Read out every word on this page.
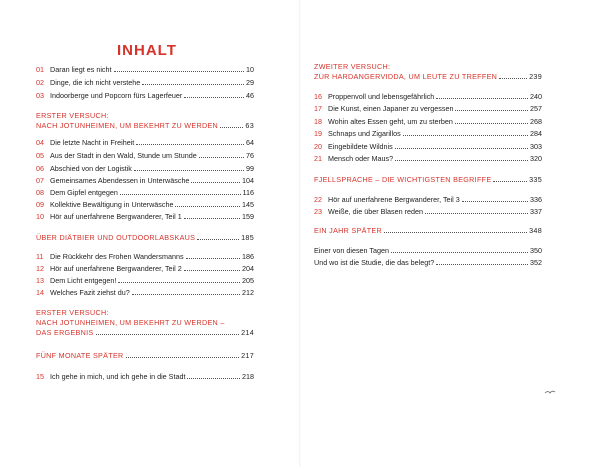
INHALT
01 Daran liegt es nicht	10
02 Dinge, die ich nicht verstehe	29
03 Indoorberge und Popcorn fürs Lagerfeuer	46
ERSTER VERSUCH:
NACH JOTUNHEIMEN, UM BEKEHRT ZU WERDEN	63
04 Die letzte Nacht in Freiheit	64
05 Aus der Stadt in den Wald, Stunde um Stunde	76
06 Abschied von der Logistik	99
07 Gemeinsames Abendessen in Unterwäsche	104
08 Dem Gipfel entgegen	116
09 Kollektive Bewältigung in Unterwäsche	145
10 Hör auf unerfahrene Bergwanderer, Teil 1	159
ÜBER DIÄTBIER UND OUTDOORLABSKAUS	185
11 Die Rückkehr des Frohen Wandersmanns	186
12 Hör auf unerfahrene Bergwanderer, Teil 2	204
13 Dem Licht entgegen!	205
14 Welches Fazit ziehst du?	212
ERSTER VERSUCH:
NACH JOTUNHEIMEN, UM BEKEHRT ZU WERDEN –
DAS ERGEBNIS	214
FÜNF MONATE SPÄTER	217
15 Ich gehe in mich, und ich gehe in die Stadt	218
ZWEITER VERSUCH:
ZUR HARDANGERVIDDA, UM LEUTE ZU TREFFEN	239
16 Proppenvoll und lebensgefährlich	240
17 Die Kunst, einen Japaner zu vergessen	257
18 Wohin altes Essen geht, um zu sterben	268
19 Schnaps und Zigarillos	284
20 Eingebildete Wildnis	303
21 Mensch oder Maus?	320
FJELLSPRACHE – DIE WICHTIGSTEN BEGRIFFE	335
22 Hör auf unerfahrene Bergwanderer, Teil 3	336
23 Weiße, die über Blasen reden	337
EIN JAHR SPÄTER	348
Einer von diesen Tagen	350
Und wo ist die Studie, die das belegt?	352
